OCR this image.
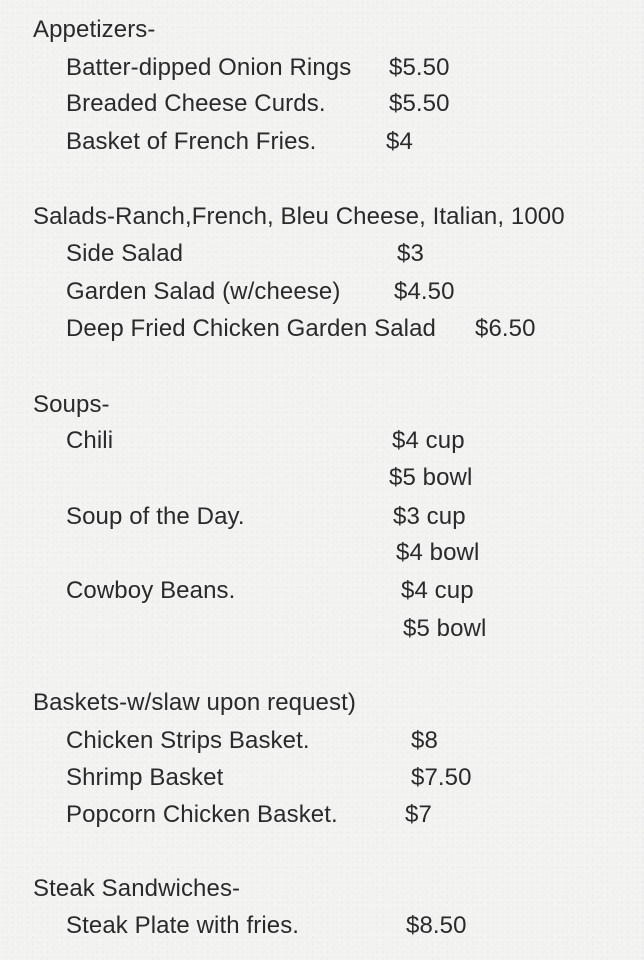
Appetizers-
Batter-dipped Onion Rings $5.50
Breaded Cheese Curds.	$5.50
Basket of French Fries.	$4
Salads-Ranch,French, Bleu Cheese, Italian, 1000
Side Salad	$3
Garden Salad (w/cheese) $4.50
Deep Fried Chicken Garden Salad $6.50
Soups-
Chili	$4 cup
$5 bowl
Soup of the Day.	$3 cup
$4 bowl
Cowboy Beans.	$4 cup
$5 bowl
Baskets-w/slaw upon request)
Chicken Strips Basket.	$8
Shrimp Basket	$7.50
Popcorn Chicken Basket.	$7
Steak Sandwiches-
Steak Plate with fries.	$8.50
